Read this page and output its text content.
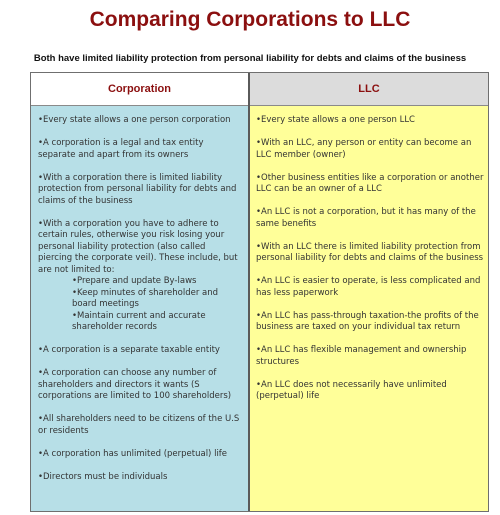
Comparing Corporations to LLC
Both have limited liability protection from personal liability for debts and claims of the business
Corporation
•Every state allows a one person corporation
•A corporation is a legal and tax entity separate and apart from its owners
•With a corporation there is limited liability protection from personal liability for debts and claims of the business
•With a corporation you have to adhere to certain rules, otherwise you risk losing your personal liability protection (also called piercing the corporate veil). These include, but are not limited to:
•Prepare and update By-laws
•Keep minutes of shareholder and board meetings
•Maintain current and accurate shareholder records
•A corporation is a separate taxable entity
•A corporation can choose any number of shareholders and directors it wants (S corporations are limited to 100 shareholders)
•All shareholders need to be citizens of the U.S or residents
•A corporation has unlimited (perpetual) life
•Directors must be individuals
LLC
•Every state allows a one person LLC
•With an LLC, any person or entity can become an LLC member (owner)
•Other business entities like a corporation or another LLC can be an owner of a LLC
•An LLC is not a corporation, but it has many of the same benefits
•With an LLC there is limited liability protection from personal liability for debts and claims of the business
•An LLC is easier to operate, is less complicated and has less paperwork
•An LLC has pass-through taxation-the profits of the business are taxed on your individual tax return
•An LLC has flexible management and ownership structures
•An LLC does not necessarily have unlimited (perpetual) life
